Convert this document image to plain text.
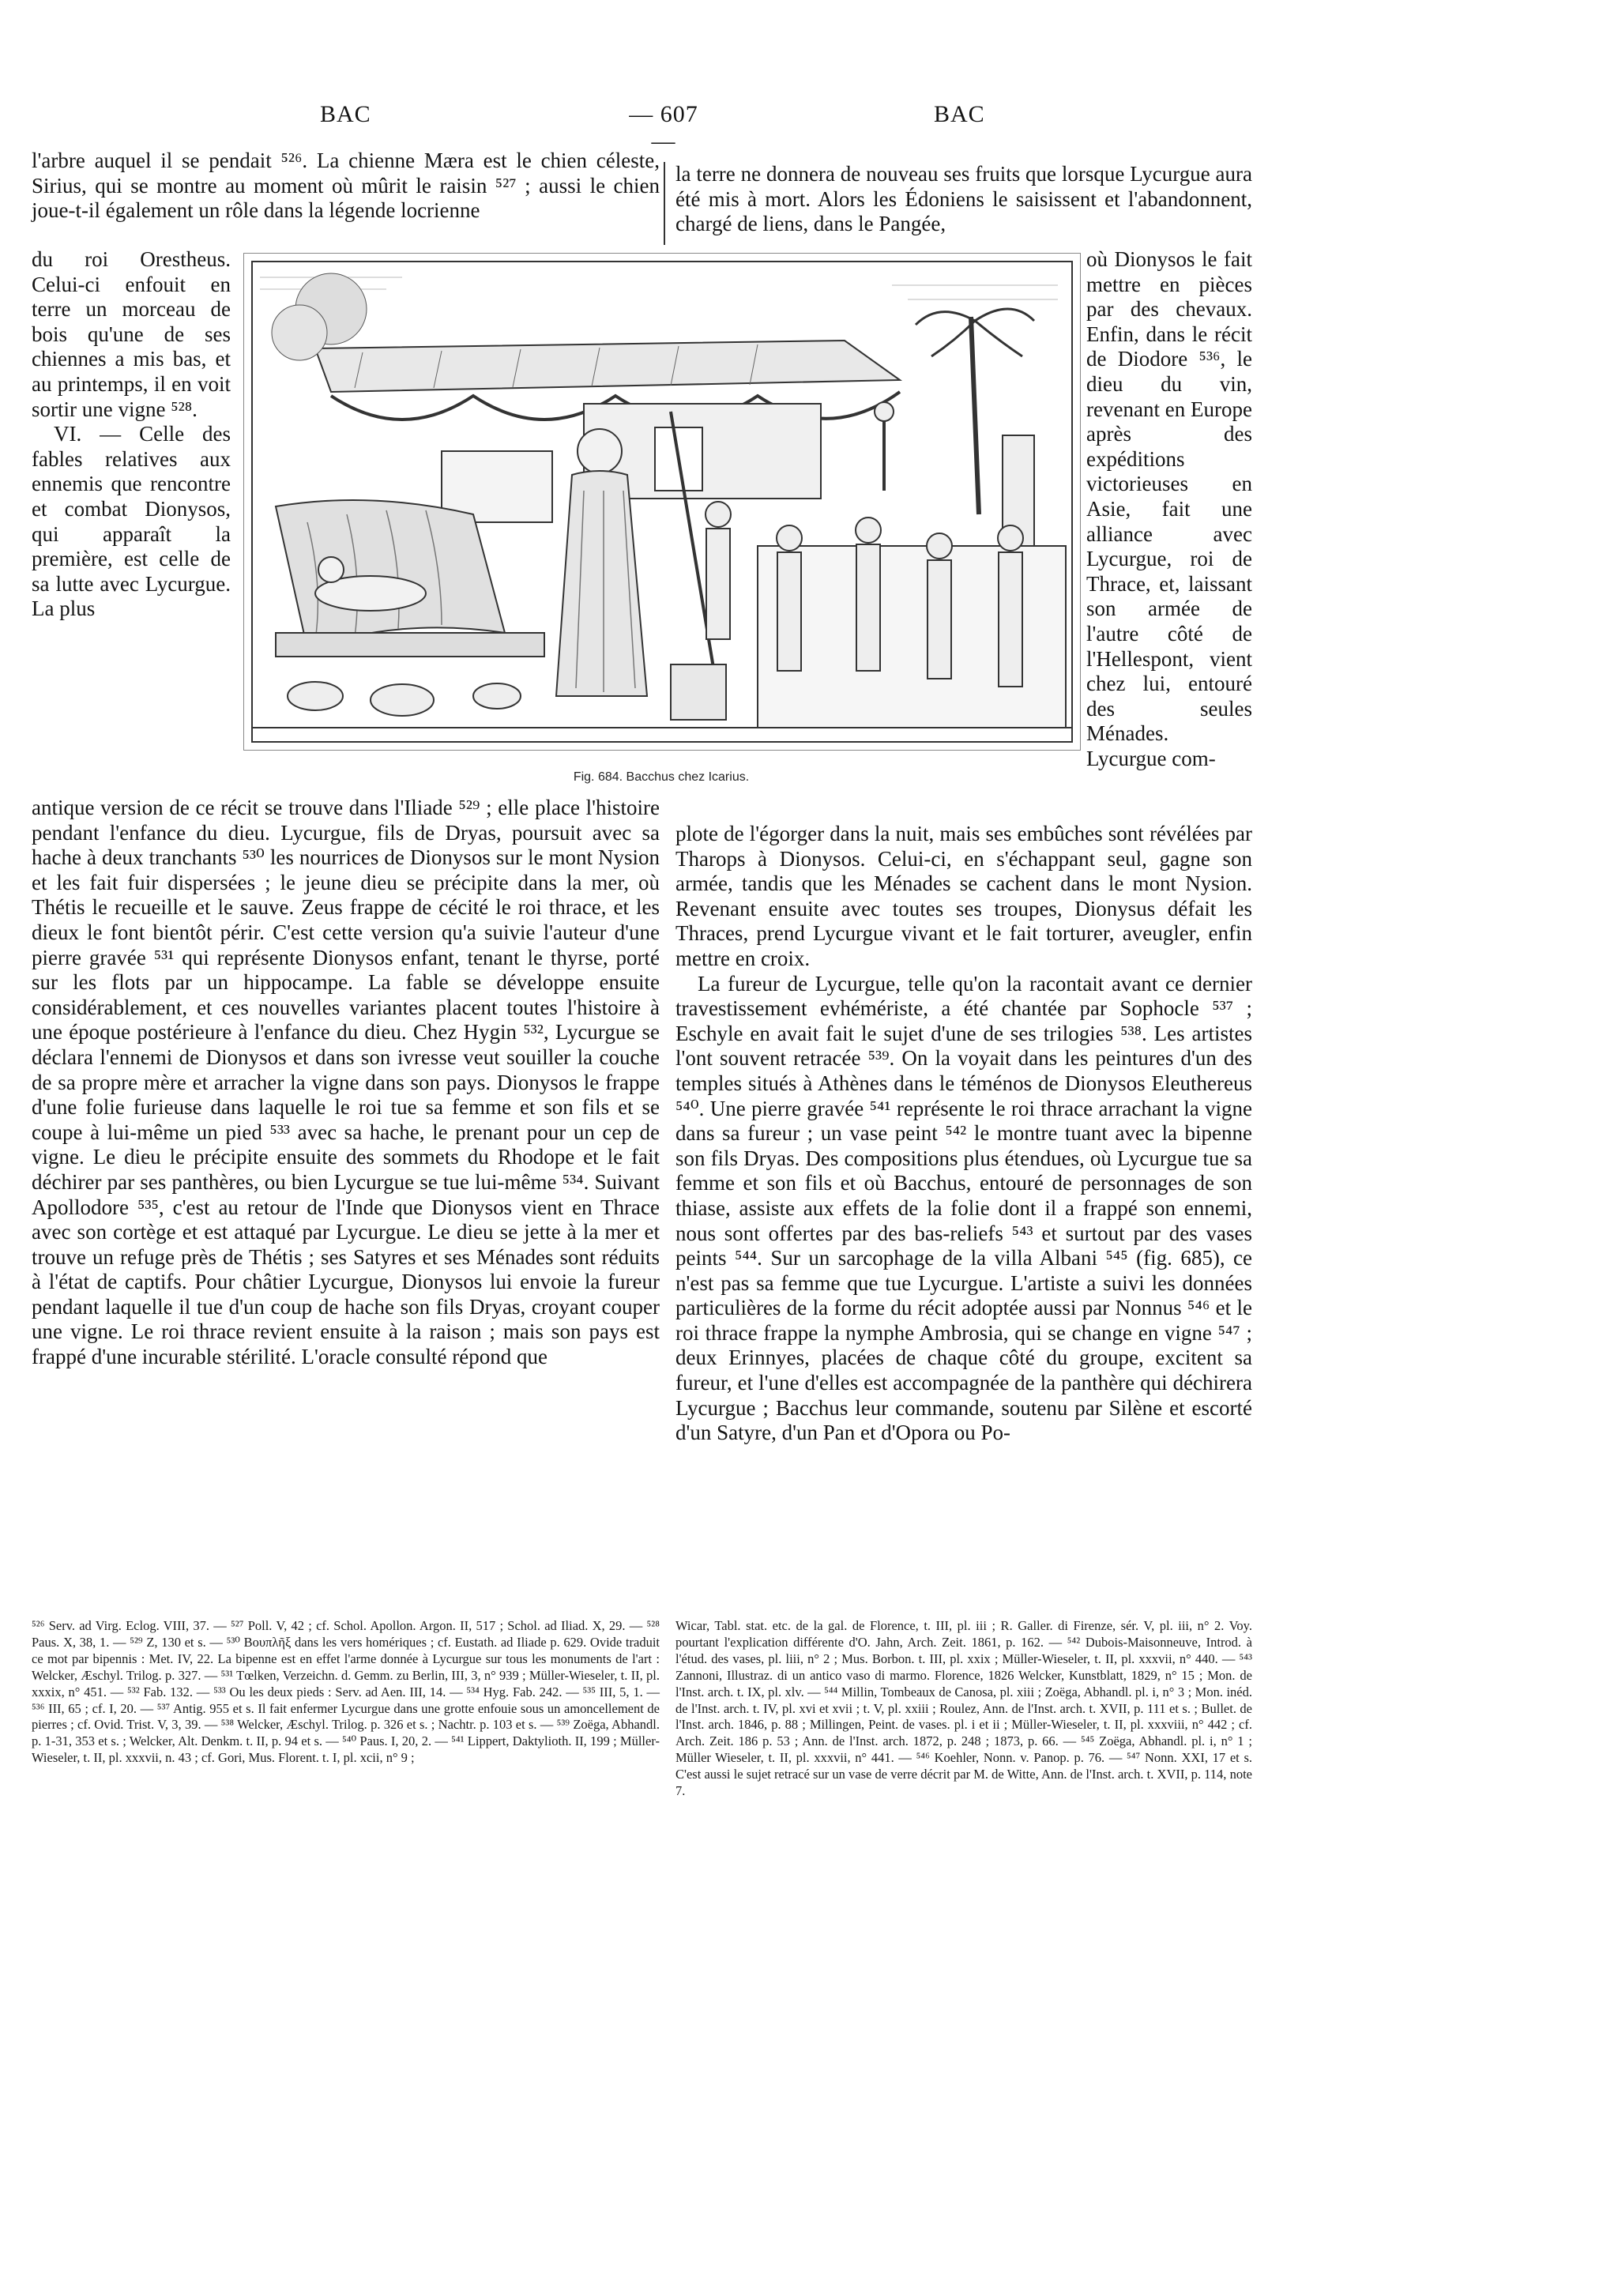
BAC	— 607 —
BAC

l'arbre auquel il se pendait ⁵²⁶. La chienne Mæra est le chien céleste, Sirius, qui se montre au moment où mûrit le raisin ⁵²⁷ ; aussi le chien joue-t-il également un rôle dans la légende locrienne

du roi Orestheus. Celui-ci enfouit en terre un morceau de bois qu'une de ses chiennes a mis bas, et au printemps, il en voit sortir une vigne ⁵²⁸.

VI. — Celle des fables relatives aux ennemis que rencontre et combat Dionysos, qui apparaît la première, est celle de sa lutte avec Lycurgue. La plus

antique version de ce récit se trouve dans l'Iliade ⁵²⁹ ; elle place l'histoire pendant l'enfance du dieu. Lycurgue, fils de Dryas, poursuit avec sa hache à deux tranchants ⁵³⁰ les nourrices de Dionysos sur le mont Nysion et les fait fuir dispersées ; le jeune dieu se précipite dans la mer, où Thétis le recueille et le sauve. Zeus frappe de cécité le roi thrace, et les dieux le font bientôt périr. C'est cette version qu'a suivie l'auteur d'une pierre gravée ⁵³¹ qui représente Dionysos enfant, tenant le thyrse, porté sur les flots par un hippocampe. La fable se développe ensuite considérablement, et ces nouvelles variantes placent toutes l'histoire à une époque postérieure à l'enfance du dieu. Chez Hygin ⁵³², Lycurgue se déclara l'ennemi de Dionysos et dans son ivresse veut souiller la couche de sa propre mère et arracher la vigne dans son pays. Dionysos le frappe d'une folie furieuse dans laquelle le roi tue sa femme et son fils et se coupe à lui-même un pied ⁵³³ avec sa hache, le prenant pour un cep de vigne. Le dieu le précipite ensuite des sommets du Rhodope et le fait déchirer par ses panthères, ou bien Lycurgue se tue lui-même ⁵³⁴. Suivant Apollodore ⁵³⁵, c'est au retour de l'Inde que Dionysos vient en Thrace avec son cortège et est attaqué par Lycurgue. Le dieu se jette à la mer et trouve un refuge près de Thétis ; ses Satyres et ses Ménades sont réduits à l'état de captifs. Pour châtier Lycurgue, Dionysos lui envoie la fureur pendant laquelle il tue d'un coup de hache son fils Dryas, croyant couper une vigne. Le roi thrace revient ensuite à la raison ; mais son pays est frappé d'une incurable stérilité. L'oracle consulté répond que

la terre ne donnera de nouveau ses fruits que lorsque Lycurgue aura été mis à mort. Alors les Édoniens le saisissent et l'abandonnent, chargé de liens, dans le Pangée,

où Dionysos le fait mettre en pièces par des chevaux. Enfin, dans le récit de Diodore ⁵³⁶, le dieu du vin, revenant en Europe après des expéditions victorieuses en Asie, fait une alliance avec Lycurgue, roi de Thrace, et, laissant son armée de l'autre côté de l'Hellespont, vient chez lui, entouré des seules Ménades. Lycurgue com-

plote de l'égorger dans la nuit, mais ses embûches sont révélées par Tharops à Dionysos. Celui-ci, en s'échappant seul, gagne son armée, tandis que les Ménades se cachent dans le mont Nysion. Revenant ensuite avec toutes ses troupes, Dionysus défait les Thraces, prend Lycurgue vivant et le fait torturer, aveugler, enfin mettre en croix.

La fureur de Lycurgue, telle qu'on la racontait avant ce dernier travestissement evhémériste, a été chantée par Sophocle ⁵³⁷ ; Eschyle en avait fait le sujet d'une de ses trilogies ⁵³⁸. Les artistes l'ont souvent retracée ⁵³⁹. On la voyait dans les peintures d'un des temples situés à Athènes dans le téménos de Dionysos Eleuthereus ⁵⁴⁰. Une pierre gravée ⁵⁴¹ représente le roi thrace arrachant la vigne dans sa fureur ; un vase peint ⁵⁴² le montre tuant avec la bipenne son fils Dryas. Des compositions plus étendues, où Lycurgue tue sa femme et son fils et où Bacchus, entouré de personnages de son thiase, assiste aux effets de la folie dont il a frappé son ennemi, nous sont offertes par des bas-reliefs ⁵⁴³ et surtout par des vases peints ⁵⁴⁴. Sur un sarcophage de la villa Albani ⁵⁴⁵ (fig. 685), ce n'est pas sa femme que tue Lycurgue. L'artiste a suivi les données particulières de la forme du récit adoptée aussi par Nonnus ⁵⁴⁶ et le roi thrace frappe la nymphe Ambrosia, qui se change en vigne ⁵⁴⁷ ; deux Erinnyes, placées de chaque côté du groupe, excitent sa fureur, et l'une d'elles est accompagnée de la panthère qui déchirera Lycurgue ; Bacchus leur commande, soutenu par Silène et escorté d'un Satyre, d'un Pan et d'Opora ou Po-

Fig. 684. Bacchus chez Icarius.
⁵²⁶ Serv. ad Virg. Eclog. VIII, 37. — ⁵²⁷ Poll. V, 42 ; cf. Schol. Apollon. Argon. II, 517 ; Schol. ad Iliad. X, 29. — ⁵²⁸ Paus. X, 38, 1. — ⁵²⁹ Z, 130 et s. — ⁵³⁰ Βουπλῆξ dans les vers homériques ; cf. Eustath. ad Iliade p. 629. Ovide traduit ce mot par bipennis : Met. IV, 22. La bipenne est en effet l'arme donnée à Lycurgue sur tous les monuments de l'art : Welcker, Æschyl. Trilog. p. 327. — ⁵³¹ Tœlken, Verzeichn. d. Gemm. zu Berlin, III, 3, n° 939 ; Müller-Wieseler, t. II, pl. xxxix, n° 451. — ⁵³² Fab. 132. — ⁵³³ Ou les deux pieds : Serv. ad Aen. III, 14. — ⁵³⁴ Hyg. Fab. 242. — ⁵³⁵ III, 5, 1. — ⁵³⁶ III, 65 ; cf. I, 20. — ⁵³⁷ Antig. 955 et s. Il fait enfermer Lycurgue dans une grotte enfouie sous un amoncellement de pierres ; cf. Ovid. Trist. V, 3, 39. — ⁵³⁸ Welcker, Æschyl. Trilog. p. 326 et s. ; Nachtr. p. 103 et s. — ⁵³⁹ Zoëga, Abhandl. p. 1-31, 353 et s. ; Welcker, Alt. Denkm. t. II, p. 94 et s. — ⁵⁴⁰ Paus. I, 20, 2. — ⁵⁴¹ Lippert, Daktylioth. II, 199 ; Müller-Wieseler, t. II, pl. xxxvii, n. 43 ; cf. Gori, Mus. Florent. t. I, pl. xcii, n° 9 ;
Wicar, Tabl. stat. etc. de la gal. de Florence, t. III, pl. iii ; R. Galler. di Firenze, sér. V, pl. iii, n° 2. Voy. pourtant l'explication différente d'O. Jahn, Arch. Zeit. 1861, p. 162. — ⁵⁴² Dubois-Maisonneuve, Introd. à l'étud. des vases, pl. liii, n° 2 ; Mus. Borbon. t. III, pl. xxix ; Müller-Wieseler, t. II, pl. xxxvii, n° 440. — ⁵⁴³ Zannoni, Illustraz. di un antico vaso di marmo. Florence, 1826 Welcker, Kunstblatt, 1829, n° 15 ; Mon. de l'Inst. arch. t. IX, pl. xlv. — ⁵⁴⁴ Millin, Tombeaux de Canosa, pl. xiii ; Zoëga, Abhandl. pl. i, n° 3 ; Mon. inéd. de l'Inst. arch. t. IV, pl. xvi et xvii ; t. V, pl. xxiii ; Roulez, Ann. de l'Inst. arch. t. XVII, p. 111 et s. ; Bullet. de l'Inst. arch. 1846, p. 88 ; Millingen, Peint. de vases. pl. i et ii ; Müller-Wieseler, t. II, pl. xxxviii, n° 442 ; cf. Arch. Zeit. 186 p. 53 ; Ann. de l'Inst. arch. 1872, p. 248 ; 1873, p. 66. — ⁵⁴⁵ Zoëga, Abhandl. pl. i, n° 1 ; Müller Wieseler, t. II, pl. xxxvii, n° 441. — ⁵⁴⁶ Koehler, Nonn. v. Panop. p. 76. — ⁵⁴⁷ Nonn. XXI, 17 et s. C'est aussi le sujet retracé sur un vase de verre décrit par M. de Witte, Ann. de l'Inst. arch. t. XVII, p. 114, note 7.
